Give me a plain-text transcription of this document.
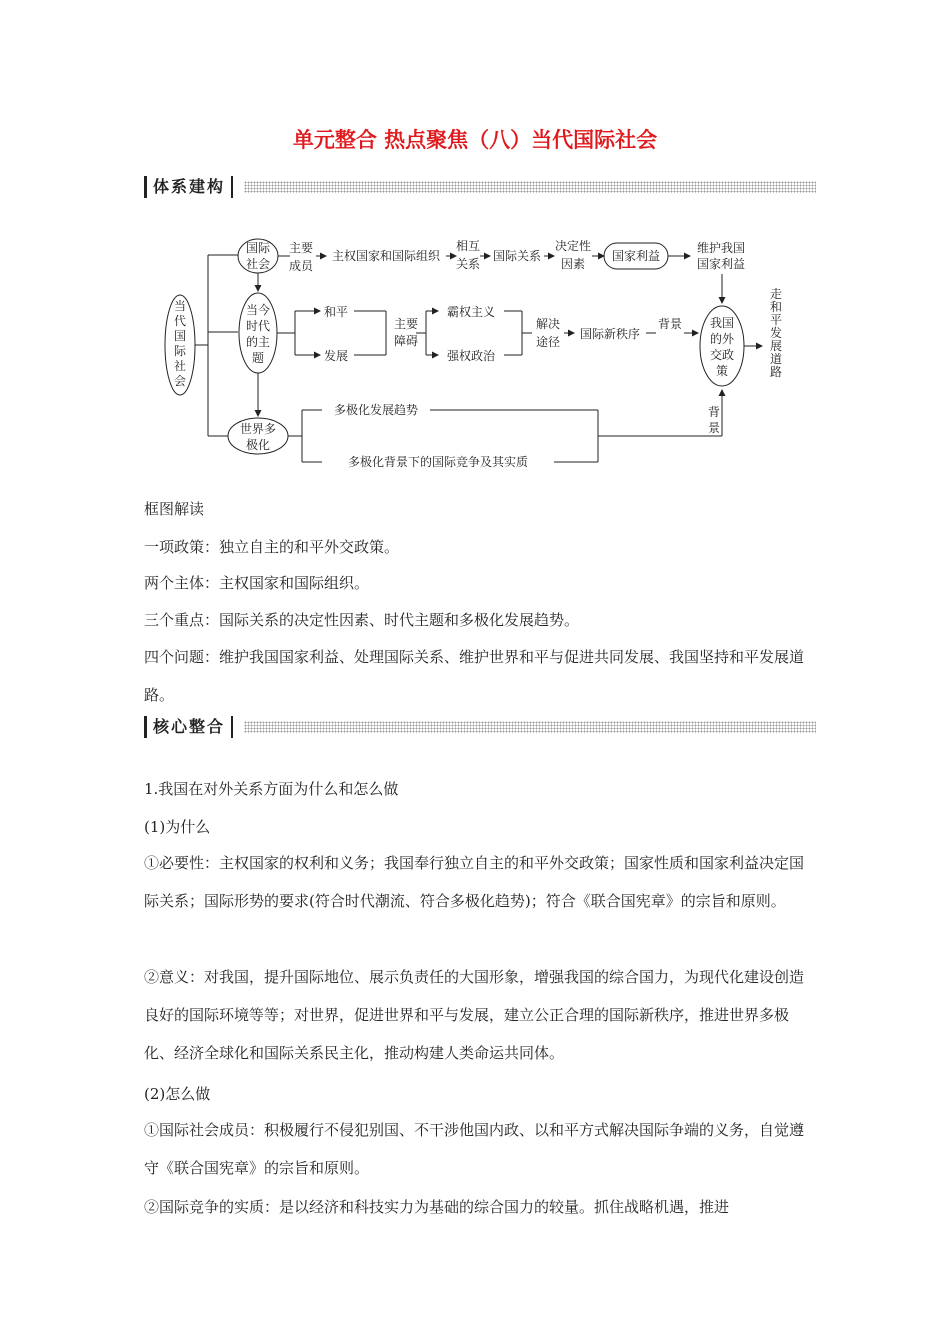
单元整合 热点聚焦（八）当代国际社会
体系建构
当代国际社会
国际
社会
主要
成员
主权国家和国际组织
相互
关系
国际关系
决定性
因素
国家利益
维护我国
国家利益
当今
时代
的主
题
和平
发展
主要
障碍
霸权主义
强权政治
解决
途径
国际新秩序
背景 我国
的外
交政
策
走和平发展道路
世界多
极化
多极化发展趋势
多极化背景下的国际竞争及其实质
背
景

框图解读

一项政策：独立自主的和平外交政策。

两个主体：主权国家和国际组织。

三个重点：国际关系的决定性因素、时代主题和多极化发展趋势。

四个问题：维护我国国家利益、处理国际关系、维护世界和平与促进共同发展、我国坚持和平发展道路。

核心整合

1.我国在对外关系方面为什么和怎么做

(1)为什么

①必要性：主权国家的权利和义务；我国奉行独立自主的和平外交政策；国家性质和国家利益决定国际关系；国际形势的要求(符合时代潮流、符合多极化趋势)；符合《联合国宪章》的宗旨和原则。

②意义：对我国，提升国际地位、展示负责任的大国形象，增强我国的综合国力，为现代化建设创造良好的国际环境等等；对世界，促进世界和平与发展，建立公正合理的国际新秩序，推进世界多极化、经济全球化和国际关系民主化，推动构建人类命运共同体。

(2)怎么做

①国际社会成员：积极履行不侵犯别国、不干涉他国内政、以和平方式解决国际争端的义务，自觉遵守《联合国宪章》的宗旨和原则。

②国际竞争的实质：是以经济和科技实力为基础的综合国力的较量。抓住战略机遇，推进
